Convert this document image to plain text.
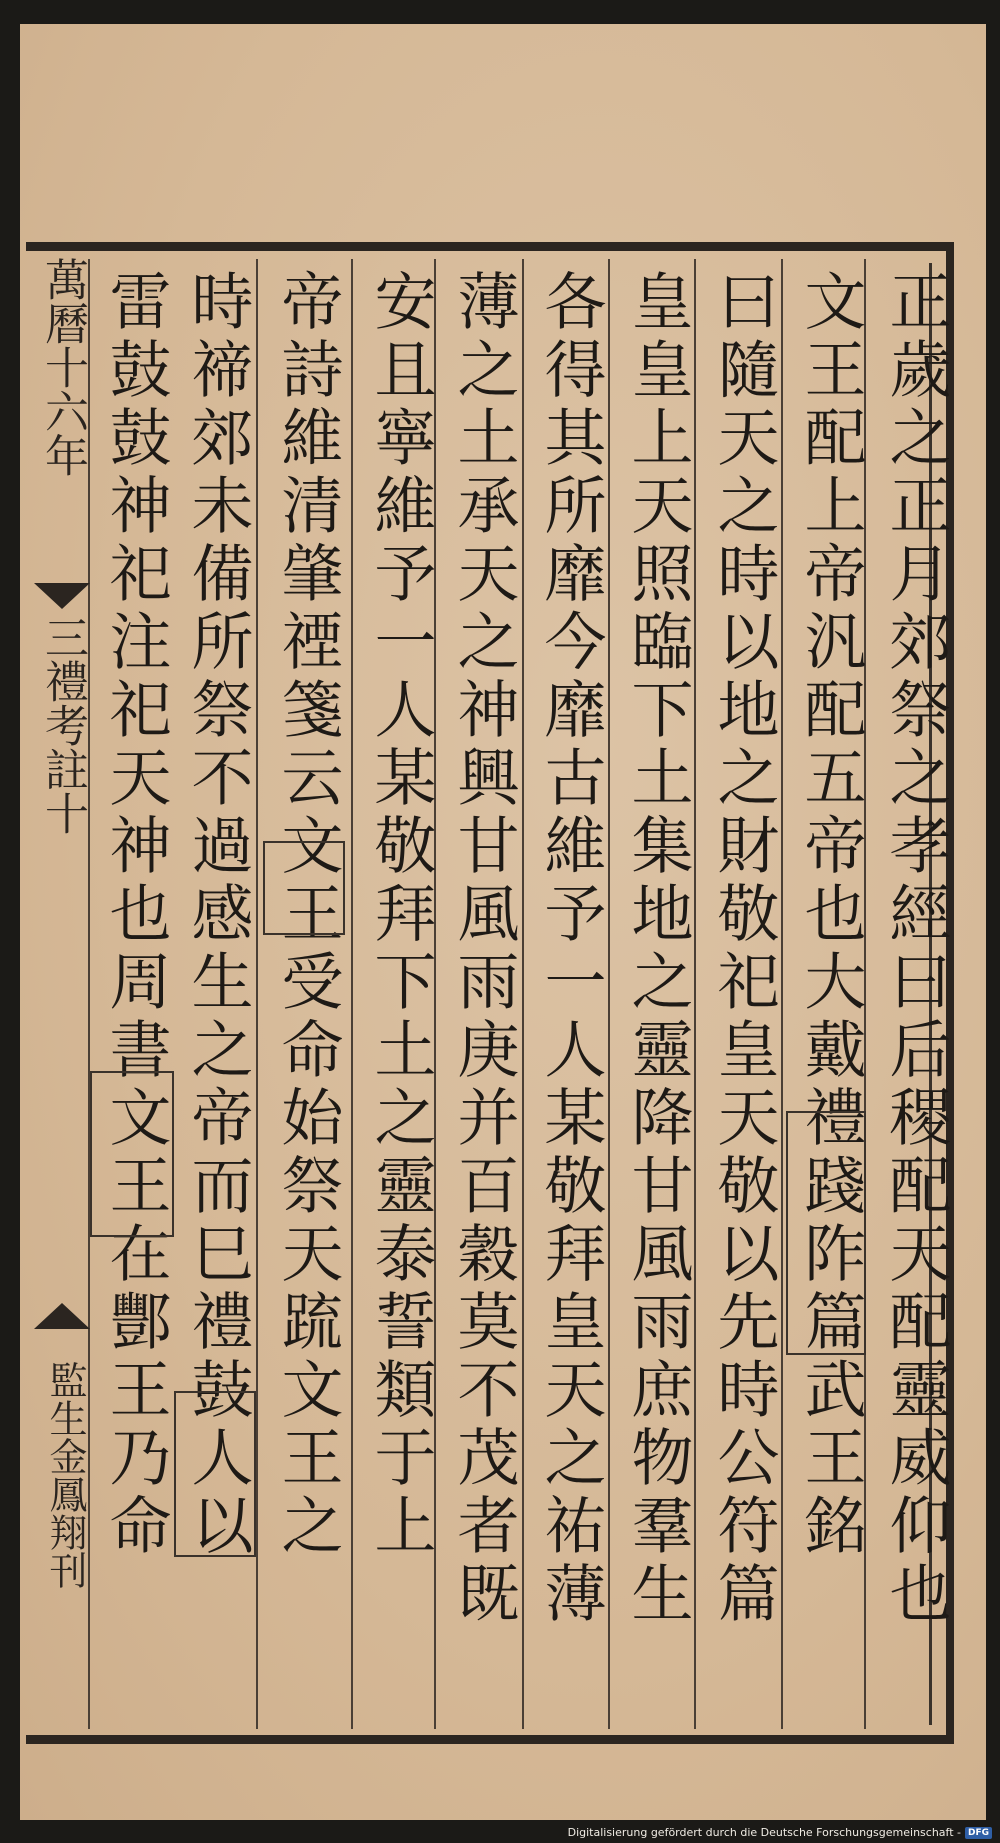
萬曆十六年
三禮考註十
監生金鳳翔刊	正歲之正月郊祭之孝經曰后稷配天配靈威仰也
文王配上帝汎配五帝也大戴禮踐阼篇武王銘
曰隨天之時以地之財敬祀皇天敬以先時公符篇
皇皇上天照臨下土集地之靈降甘風雨庶物羣生
各得其所靡今靡古維予一人某敬拜皇天之祐薄
薄之土承天之神興甘風雨庚并百穀莫不茂者既
安且寧維予一人某敬拜下土之靈泰誓類于上
帝詩維清肇禋箋云文王受命始祭天䟽文王之
時禘郊未備所祭不過感生之帝而巳禮鼓人以
雷鼓鼓神祀注祀天神也周書文王在酆王乃命
Digitalisierung gefördert durch die Deutsche Forschungsgemeinschaft - DFG
